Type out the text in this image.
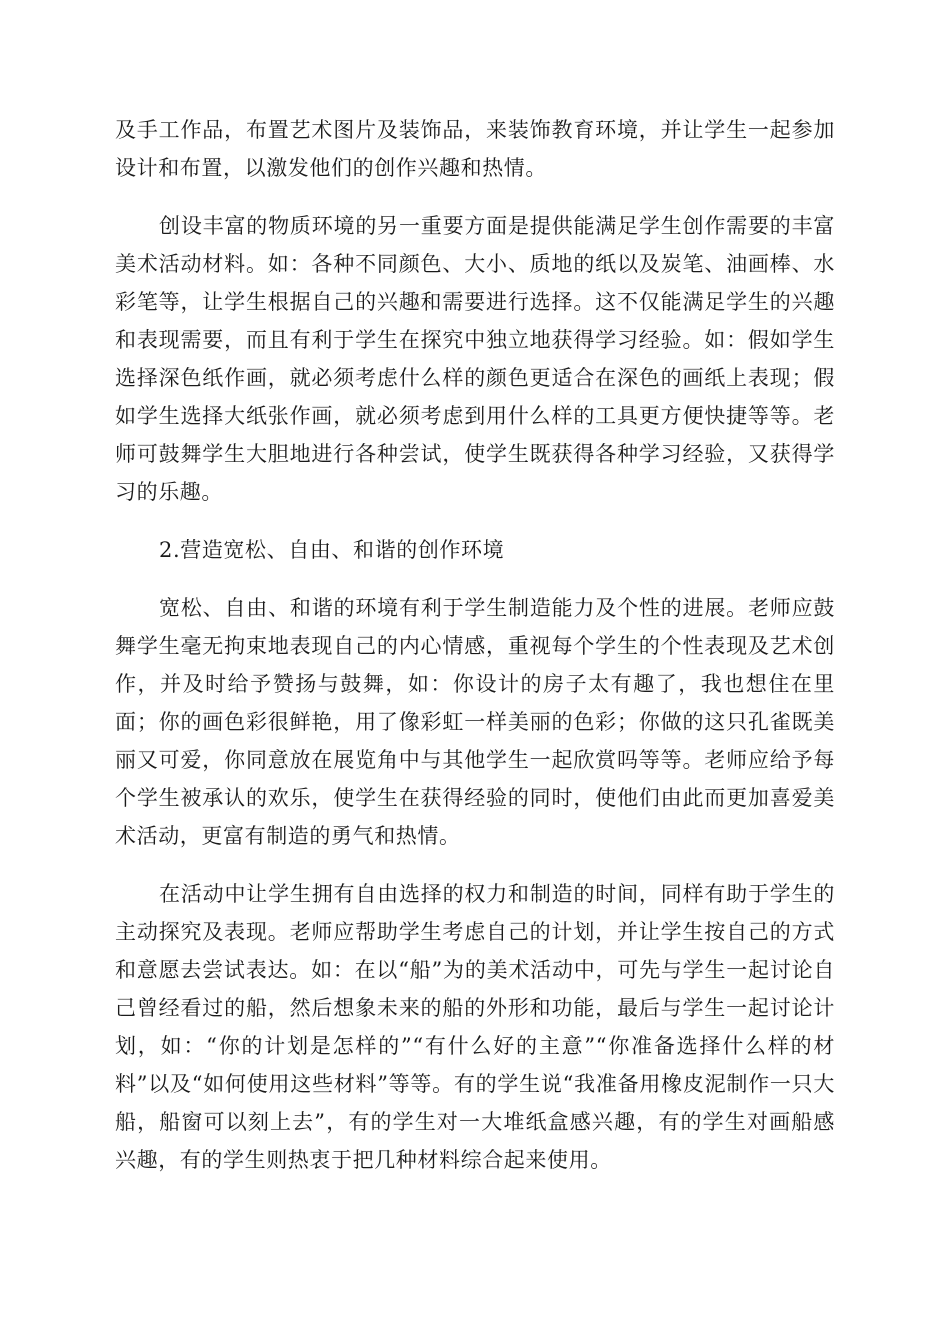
及手工作品，布置艺术图片及装饰品，来装饰教育环境，并让学生一起参加设计和布置，以激发他们的创作兴趣和热情。

创设丰富的物质环境的另一重要方面是提供能满足学生创作需要的丰富美术活动材料。如：各种不同颜色、大小、质地的纸以及炭笔、油画棒、水彩笔等，让学生根据自己的兴趣和需要进行选择。这不仅能满足学生的兴趣和表现需要，而且有利于学生在探究中独立地获得学习经验。如：假如学生选择深色纸作画，就必须考虑什么样的颜色更适合在深色的画纸上表现；假如学生选择大纸张作画，就必须考虑到用什么样的工具更方便快捷等等。老师可鼓舞学生大胆地进行各种尝试，使学生既获得各种学习经验，又获得学习的乐趣。

2.营造宽松、自由、和谐的创作环境

宽松、自由、和谐的环境有利于学生制造能力及个性的进展。老师应鼓舞学生毫无拘束地表现自己的内心情感，重视每个学生的个性表现及艺术创作，并及时给予赞扬与鼓舞，如：你设计的房子太有趣了，我也想住在里面；你的画色彩很鲜艳，用了像彩虹一样美丽的色彩；你做的这只孔雀既美丽又可爱，你同意放在展览角中与其他学生一起欣赏吗等等。老师应给予每个学生被承认的欢乐，使学生在获得经验的同时，使他们由此而更加喜爱美术活动，更富有制造的勇气和热情。

在活动中让学生拥有自由选择的权力和制造的时间，同样有助于学生的主动探究及表现。老师应帮助学生考虑自己的计划，并让学生按自己的方式和意愿去尝试表达。如：在以“船”为的美术活动中，可先与学生一起讨论自己曾经看过的船，然后想象未来的船的外形和功能，最后与学生一起讨论计划，如：“你的计划是怎样的”“有什么好的主意”“你准备选择什么样的材料”以及“如何使用这些材料”等等。有的学生说“我准备用橡皮泥制作一只大船，船窗可以刻上去”，有的学生对一大堆纸盒感兴趣，有的学生对画船感兴趣，有的学生则热衷于把几种材料综合起来使用。
